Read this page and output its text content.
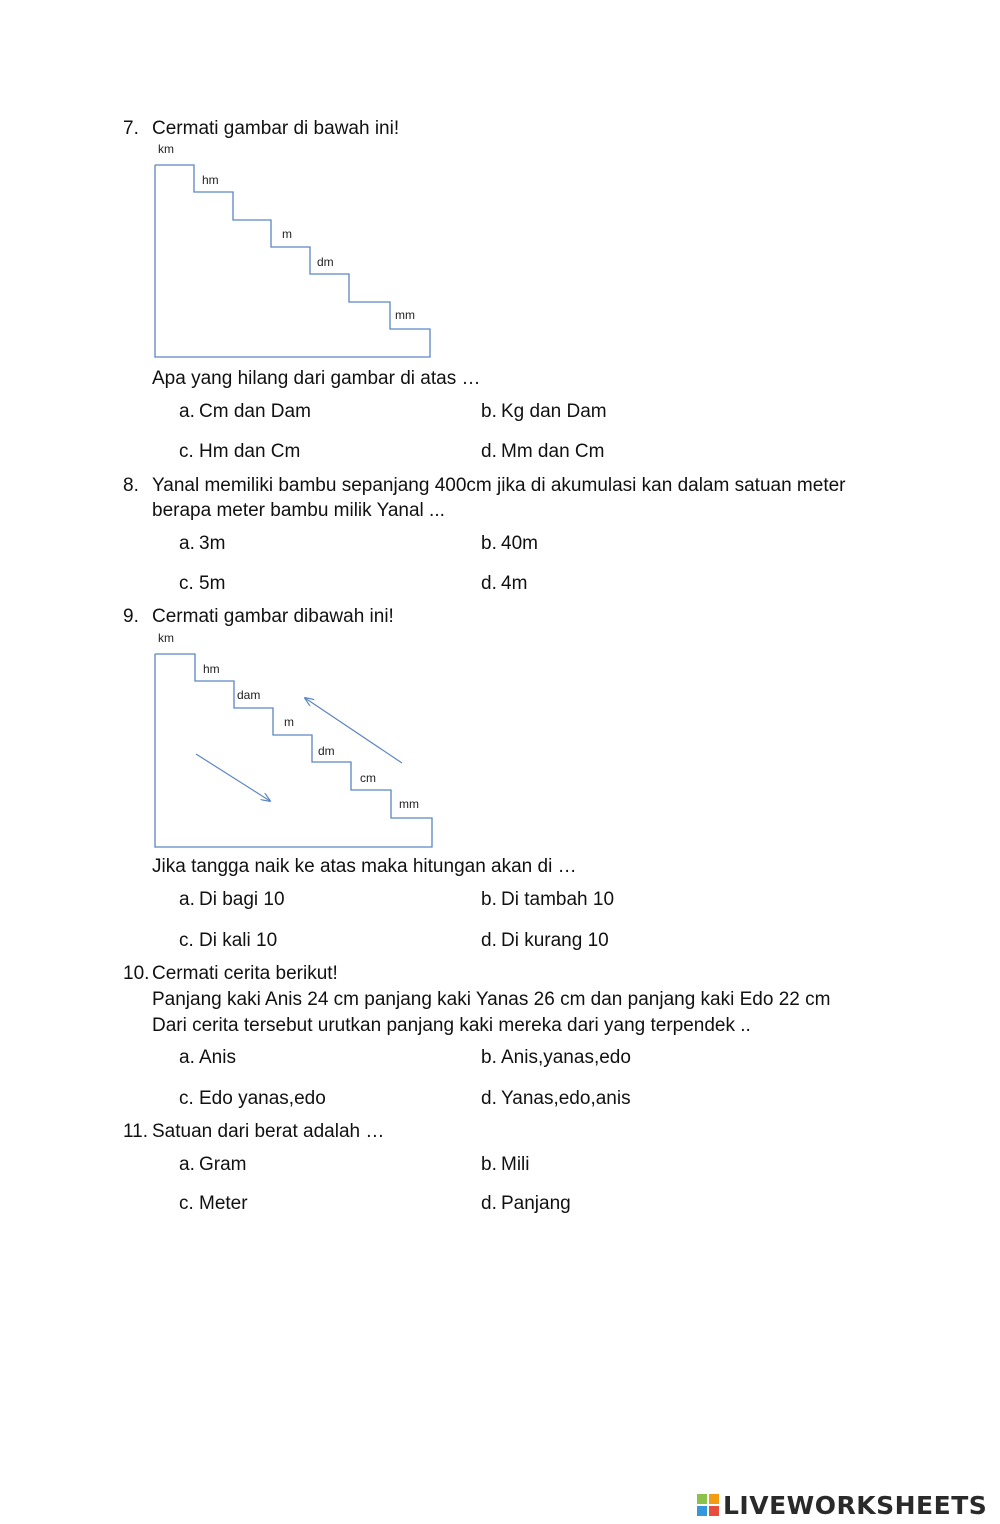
7. Cermati gambar di bawah ini!
km
hm
m
dm
mm
Apa yang hilang dari gambar di atas …
a. Cm dan Dam	b. Kg dan Dam
c. Hm dan Cm	d. Mm dan Cm
8. Yanal memiliki bambu sepanjang 400cm jika di akumulasi kan dalam satuan meter
berapa meter bambu milik Yanal ...
a. 3m	b. 40m
c. 5m	d. 4m
9. Cermati gambar dibawah ini!
km
hm
dam
m
dm
cm
mm
Jika tangga naik ke atas maka hitungan akan di …
a. Di bagi 10	b. Di tambah 10
c. Di kali 10	d. Di kurang 10
10. Cermati cerita berikut!
Panjang kaki Anis 24 cm panjang kaki Yanas 26 cm dan panjang kaki Edo 22 cm
Dari cerita tersebut urutkan panjang kaki mereka dari yang terpendek ..
a. Anis	b. Anis,yanas,edo
c. Edo yanas,edo	d. Yanas,edo,anis
11. Satuan dari berat adalah …
a. Gram	b. Mili
c. Meter	d. Panjang
LIVEWORKSHEETS
